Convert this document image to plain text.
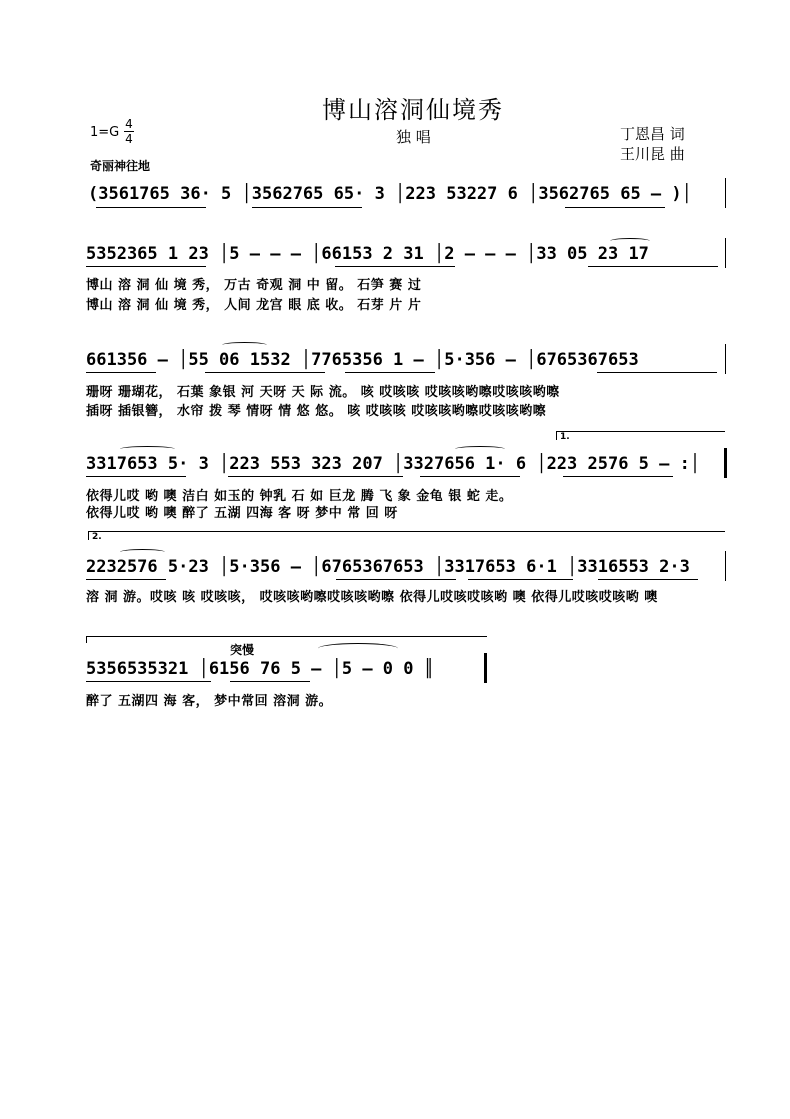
博山溶洞仙境秀
1=G
4
4	独 唱	丁恩昌 词
王川昆 曲
奇丽神往地
(3561765 36· 5 │3562765 65· 3 │223 53227 6 │3562765 65 – )│
5352365 1 23 │5 – – – │66153 2 31 │2 – – – │33 05 23 17
博山 溶 洞 仙 境 秀， 万古 奇观 洞 中 留。 石笋 赛 过
博山 溶 洞 仙 境 秀， 人间 龙宫 眼 底 收。 石芽 片 片
661356 – │55 06 1532 │7765356 1 – │5·356 – │6765367653
珊呀 珊瑚花， 石葉 象银 河 天呀 天 际 流。 咳 哎咳咳 哎咳咳哟嚓哎咳咳哟嚓
插呀 插银簪， 水帘 拨 琴 情呀 情 悠 悠。 咳 哎咳咳 哎咳咳哟嚓哎咳咳哟嚓
1.
3317653 5· 3 │223 553 323 207 │3327656 1· 6 │223 2576 5 – :│
依得儿哎 哟 噢 洁白 如玉的 钟乳 石 如 巨龙 腾 飞 象 金龟 银 蛇 走。
依得儿哎 哟 噢 醉了 五湖 四海 客 呀 梦中 常 回 呀
2.
2232576 5·23 │5·356 – │6765367653 │3317653 6·1 │3316553 2·3
溶 洞 游。哎咳 咳 哎咳咳， 哎咳咳哟嚓哎咳咳哟嚓 依得儿哎咳哎咳哟 噢 依得儿哎咳哎咳哟 噢
突慢
5356535321 │6156 76 5 – │5 – 0 0 ║
醉了 五湖四 海 客， 梦中常回 溶洞 游。
